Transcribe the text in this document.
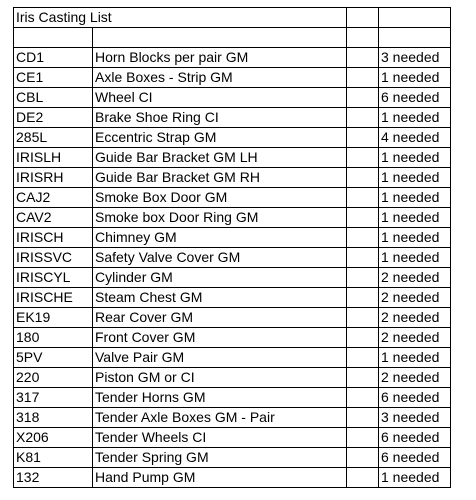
Iris Casting List			

CD1	Horn Blocks per pair GM		3 needed
CE1	Axle Boxes - Strip GM		1 needed
CBL	Wheel CI		6 needed
DE2	Brake Shoe Ring CI		1 needed
285L	Eccentric Strap GM		4 needed
IRISLH	Guide Bar Bracket GM LH		1 needed
IRISRH	Guide Bar Bracket GM RH		1 needed
CAJ2	Smoke Box Door GM		1 needed
CAV2	Smoke box Door Ring GM		1 needed
IRISCH	Chimney GM		1 needed
IRISSVC	Safety Valve Cover GM		1 needed
IRISCYL	Cylinder GM		2 needed
IRISCHE	Steam Chest GM		2 needed
EK19	Rear Cover GM		2 needed
180	Front Cover GM		2 needed
5PV	Valve Pair GM		1 needed
220	Piston GM or CI		2 needed
317	Tender Horns GM		6 needed
318	Tender Axle Boxes GM - Pair		3 needed
X206	Tender Wheels CI		6 needed
K81	Tender Spring GM		6 needed
132	Hand Pump GM		1 needed
